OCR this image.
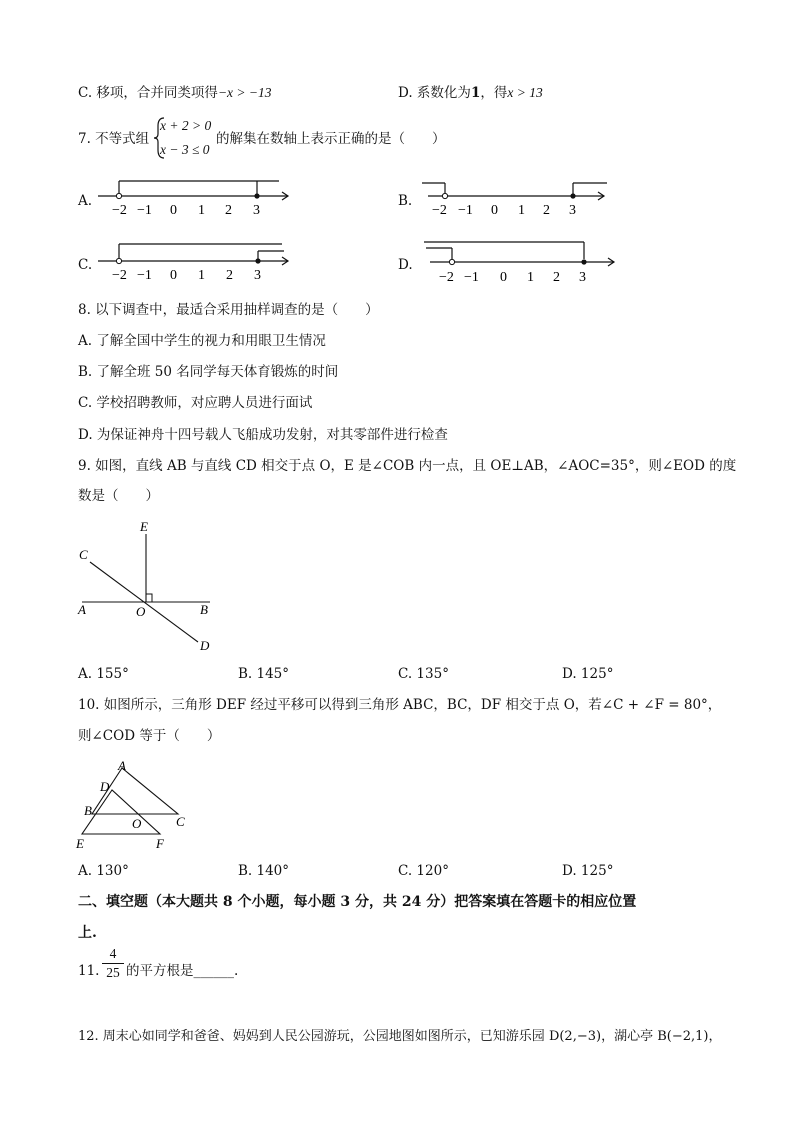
C. 移项，合并同类项得−x > −13	D. 系数化为1，得x > 13
7. 不等式组
x + 2 > 0
x − 3 ≤ 0
的解集在数轴上表示正确的是（　　）
A.	B.
C.	D.
−2 −1 0 1 2 3	−2 −1 0 1 2 3
−2 −1 0 1 2 3	−2 −1 0 1 2 3
8. 以下调查中，最适合采用抽样调查的是（　　）
A. 了解全国中学生的视力和用眼卫生情况
B. 了解全班 50 名同学每天体育锻炼的时间
C. 学校招聘教师，对应聘人员进行面试
D. 为保证神舟十四号载人飞船成功发射，对其零部件进行检查
9. 如图，直线 AB 与直线 CD 相交于点 O，E 是∠COB 内一点，且 OE⊥AB，∠AOC=35°，则∠EOD 的度
数是（　　）
E
C
A	O	B
D
A. 155°	B. 145°	C. 135°	D. 125°
10. 如图所示，三角形 DEF 经过平移可以得到三角形 ABC，BC，DF 相交于点 O，若∠C + ∠F = 80°，
则∠COD 等于（　　）
A
D
B
O	C
E	F
A. 130°	B. 140°	C. 120°	D. 125°
二、填空题（本大题共 8 个小题，每小题 3 分，共 24 分）把答案填在答题卡的相应位置
上.
11.
4
25 的平方根是______.
12. 周末心如同学和爸爸、妈妈到人民公园游玩，公园地图如图所示，已知游乐园 D(2,−3)，湖心亭 B(−2,1)，
